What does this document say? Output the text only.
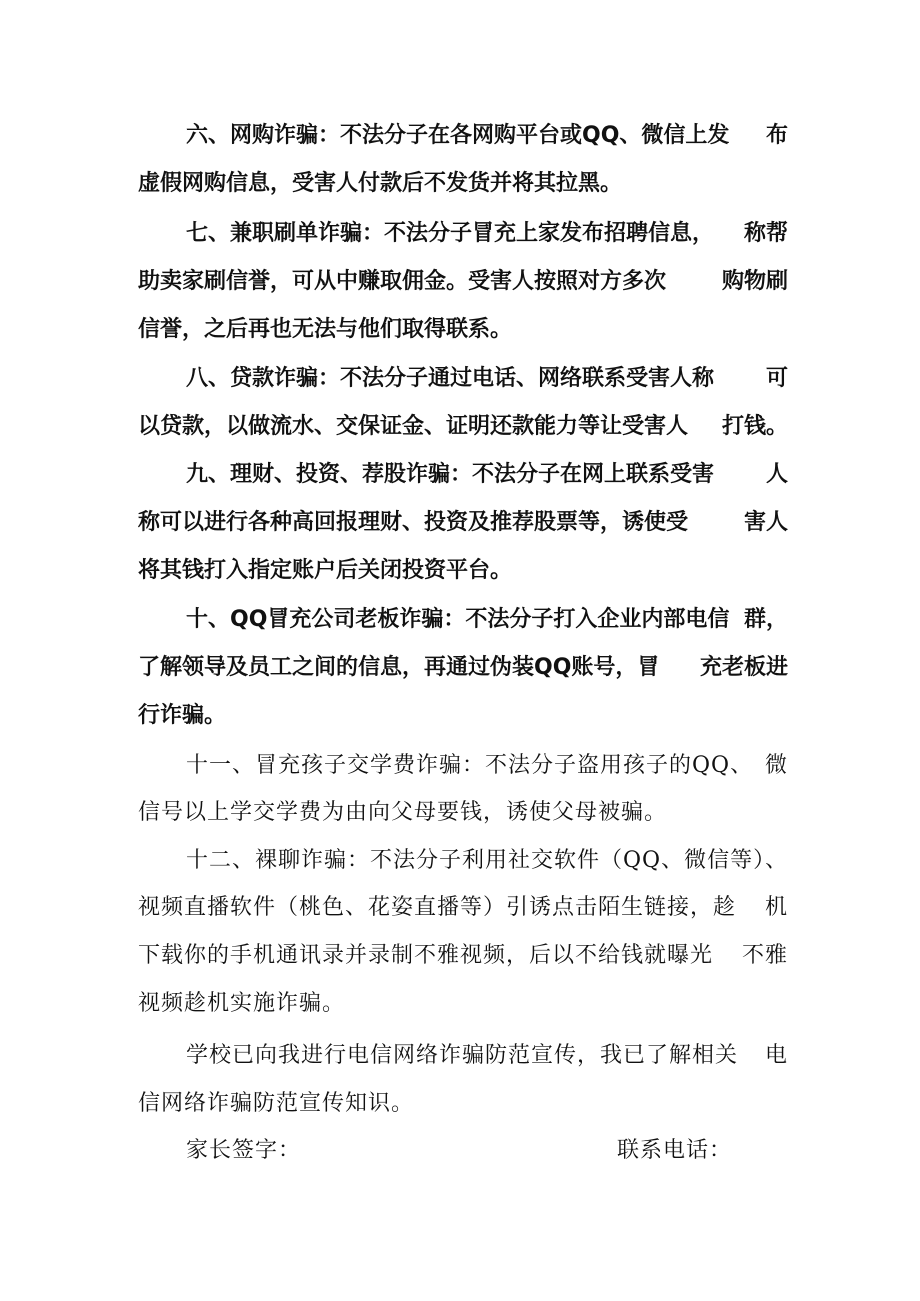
六、网购诈骗：不法分子在各网购平台或QQ、微信上发 布
虚假网购信息，受害人付款后不发货并将其拉黑。
七、兼职刷单诈骗：不法分子冒充上家发布招聘信息， 称帮
助卖家刷信誉，可从中赚取佣金。受害人按照对方多次	购物刷
信誉，之后再也无法与他们取得联系。
八、贷款诈骗：不法分子通过电话、网络联系受害人称 可
以贷款，以做流水、交保证金、证明还款能力等让受害人 打钱。
九、理财、投资、荐股诈骗：不法分子在网上联系受害 人
称可以进行各种高回报理财、投资及推荐股票等，诱使受	害人
将其钱打入指定账户后关闭投资平台。
十、QQ冒充公司老板诈骗：不法分子打入企业内部电信 群，
了解领导及员工之间的信息，再通过伪装QQ账号，冒 充老板进
行诈骗。
十一、冒充孩子交学费诈骗：不法分子盗用孩子的QQ、 微
信号以上学交学费为由向父母要钱，诱使父母被骗。
十二、裸聊诈骗：不法分子利用社交软件（QQ、微信等）、
视频直播软件（桃色、花姿直播等）引诱点击陌生链接，趁 机
下载你的手机通讯录并录制不雅视频，后以不给钱就曝光 不雅
视频趁机实施诈骗。
学校已向我进行电信网络诈骗防范宣传，我已了解相关 电
信网络诈骗防范宣传知识。
家长签字：	联系电话：
